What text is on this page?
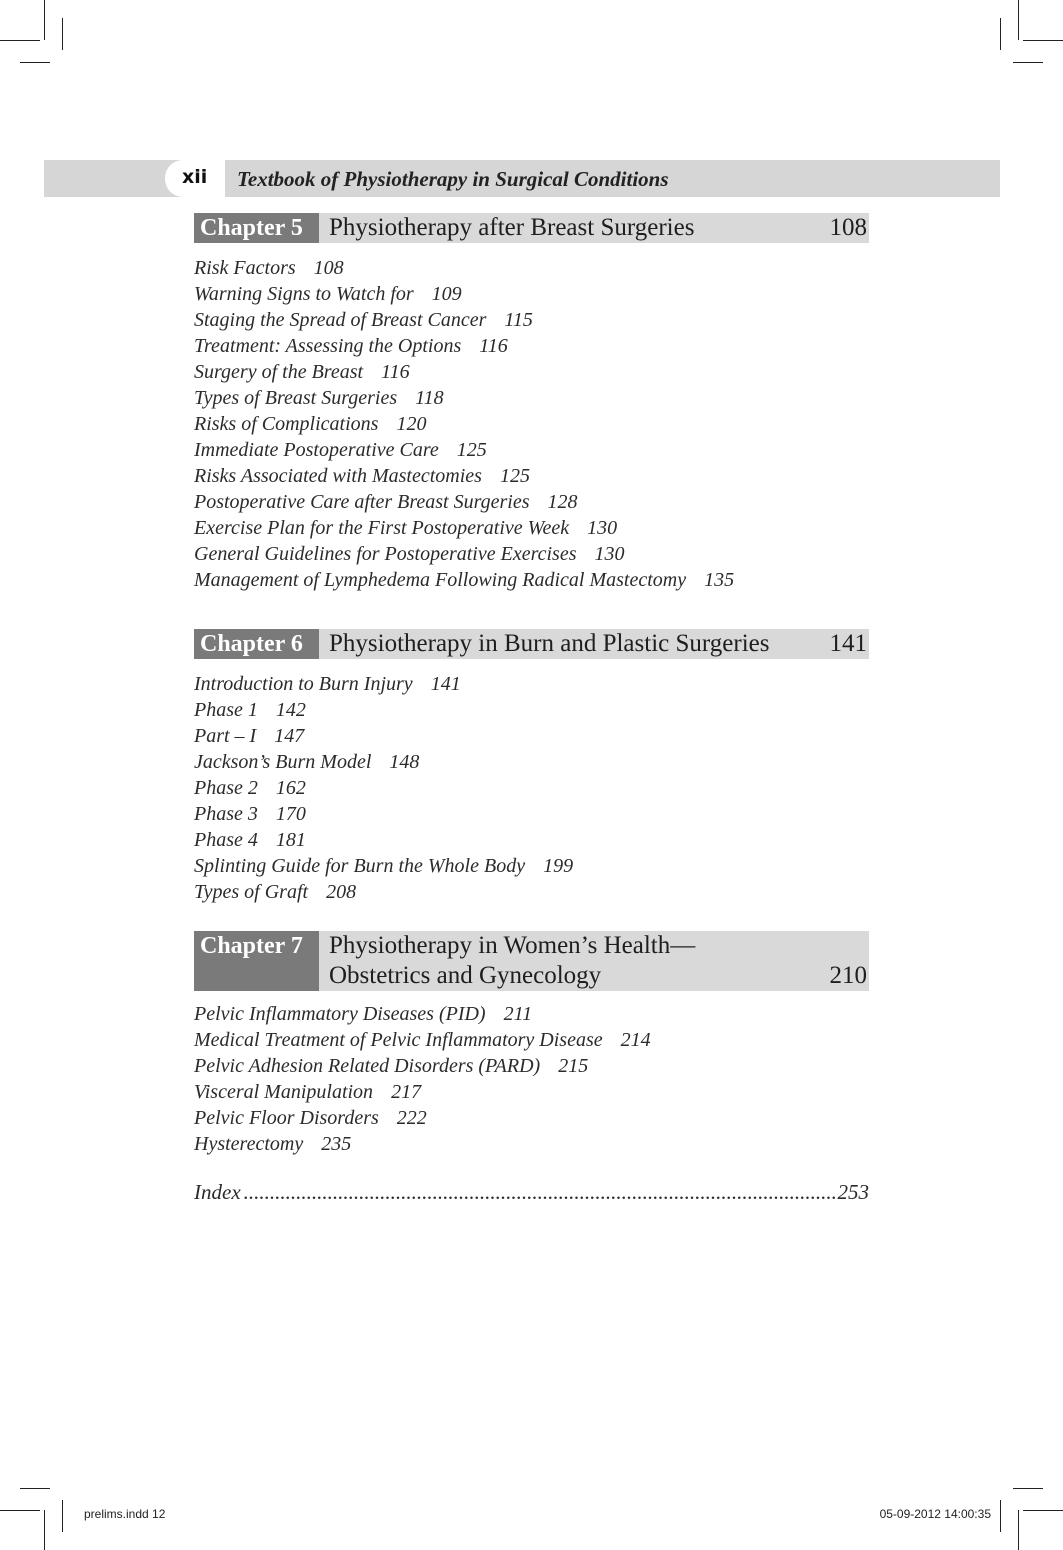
xii Textbook of Physiotherapy in Surgical Conditions
Chapter 5	Physiotherapy after Breast Surgeries	108
Risk Factors 108
Warning Signs to Watch for 109
Staging the Spread of Breast Cancer 115
Treatment: Assessing the Options 116
Surgery of the Breast 116
Types of Breast Surgeries 118
Risks of Complications 120
Immediate Postoperative Care 125
Risks Associated with Mastectomies 125
Postoperative Care after Breast Surgeries 128
Exercise Plan for the First Postoperative Week 130
General Guidelines for Postoperative Exercises 130
Management of Lymphedema Following Radical Mastectomy 135
Chapter 6	Physiotherapy in Burn and Plastic Surgeries	141
Introduction to Burn Injury 141
Phase 1 142
Part – I 147
Jackson’s Burn Model 148
Phase 2 162
Phase 3 170
Phase 4 181
Splinting Guide for Burn the Whole Body 199
Types of Graft 208
Chapter 7	Physiotherapy in Women’s Health—
Obstetrics and Gynecology	210
Pelvic Inflammatory Diseases (PID) 211
Medical Treatment of Pelvic Inflammatory Disease 214
Pelvic Adhesion Related Disorders (PARD) 215
Visceral Manipulation 217
Pelvic Floor Disorders 222
Hysterectomy 235
Index
.....	253
prelims.indd 12	05-09-2012 14:00:35
